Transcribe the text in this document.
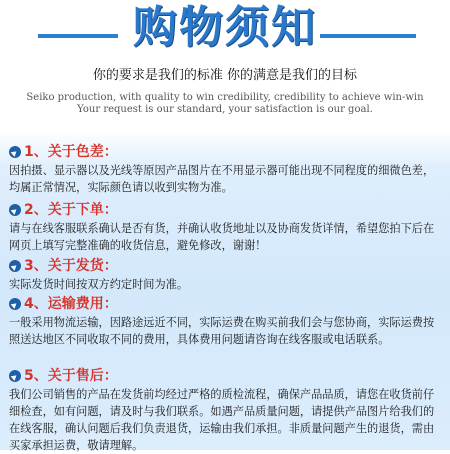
购物须知
你的要求是我们的标准 你的满意是我们的目标
Seiko production, with quality to win credibility, credibility to achieve win-win
Your request is our standard, your satisfaction is our goal.
1、关于色差：
因拍摄、显示器以及光线等原因产品图片在不用显示器可能出现不同程度的细微色差，均属正常情况，实际颜色请以收到实物为准。
2、关于下单：
请与在线客服联系确认是否有货，并确认收货地址以及协商发货详情，希望您拍下后在网页上填写完整准确的收货信息，避免修改，谢谢！
3、关于发货：
实际发货时间按双方约定时间为准。
4、运输费用：
一般采用物流运输，因路途远近不同，实际运费在购买前我们会与您协商，实际运费按照送达地区不同收取不同的费用，具体费用问题请咨询在线客服或电话联系。
5、关于售后：
我们公司销售的产品在发货前均经过严格的质检流程，确保产品品质，请您在收货前仔细检查，如有问题，请及时与我们联系。如遇产品质量问题，请提供产品图片给我们的在线客服，确认问题后我们负责退货，运输由我们承担。非质量问题产生的退货，需由买家承担运费，敬请理解。
